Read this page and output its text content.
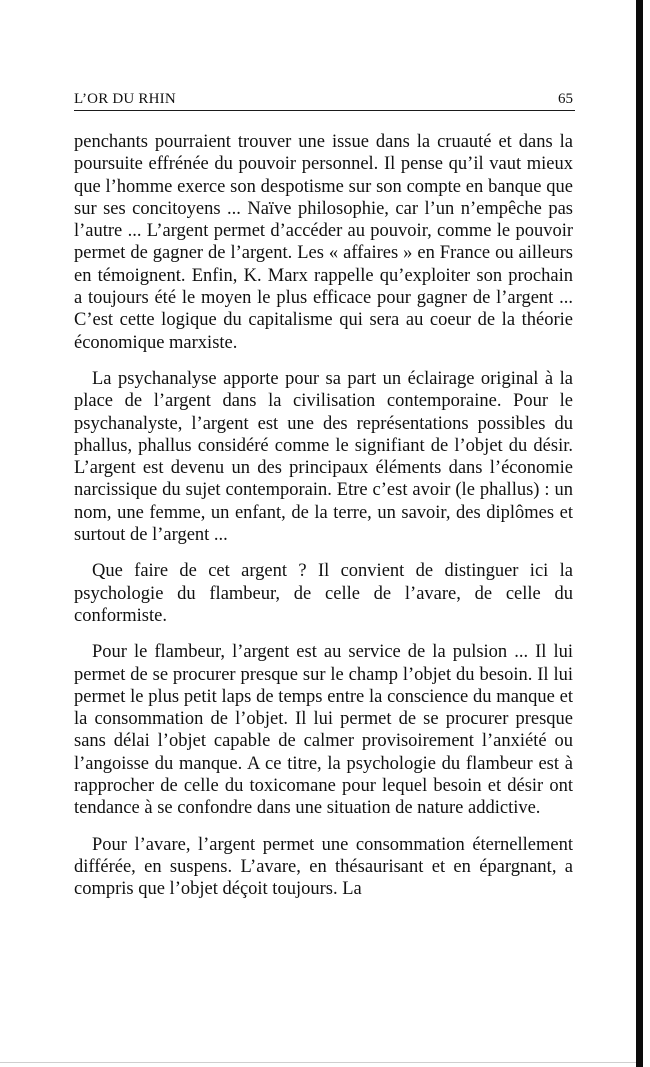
L’OR DU RHIN	65

penchants pourraient trouver une issue dans la cruauté et dans la poursuite effrénée du pouvoir personnel. Il pense qu’il vaut mieux que l’homme exerce son despotisme sur son compte en banque que sur ses concitoyens ... Naïve philosophie, car l’un n’empêche pas l’autre ... L’argent permet d’accéder au pouvoir, comme le pouvoir permet de gagner de l’argent. Les « affaires » en France ou ailleurs en témoignent. Enfin, K. Marx rappelle qu’exploiter son prochain a toujours été le moyen le plus efficace pour gagner de l’argent ... C’est cette logique du capitalisme qui sera au coeur de la théorie économique marxiste.

La psychanalyse apporte pour sa part un éclairage original à la place de l’argent dans la civilisation contemporaine. Pour le psychanalyste, l’argent est une des représentations possibles du phallus, phallus considéré comme le signifiant de l’objet du désir. L’argent est devenu un des principaux éléments dans l’économie narcissique du sujet contemporain. Etre c’est avoir (le phallus) : un nom, une femme, un enfant, de la terre, un savoir, des diplômes et surtout de l’argent ...

Que faire de cet argent ? Il convient de distinguer ici la psychologie du flambeur, de celle de l’avare, de celle du conformiste.

Pour le flambeur, l’argent est au service de la pulsion ... Il lui permet de se procurer presque sur le champ l’objet du besoin. Il lui permet le plus petit laps de temps entre la conscience du manque et la consommation de l’objet. Il lui permet de se procurer presque sans délai l’objet capable de calmer provisoirement l’anxiété ou l’angoisse du manque. A ce titre, la psychologie du flambeur est à rapprocher de celle du toxicomane pour lequel besoin et désir ont tendance à se confondre dans une situation de nature addictive.

Pour l’avare, l’argent permet une consommation éternellement différée, en suspens. L’avare, en thésaurisant et en épargnant, a compris que l’objet déçoit toujours. La
